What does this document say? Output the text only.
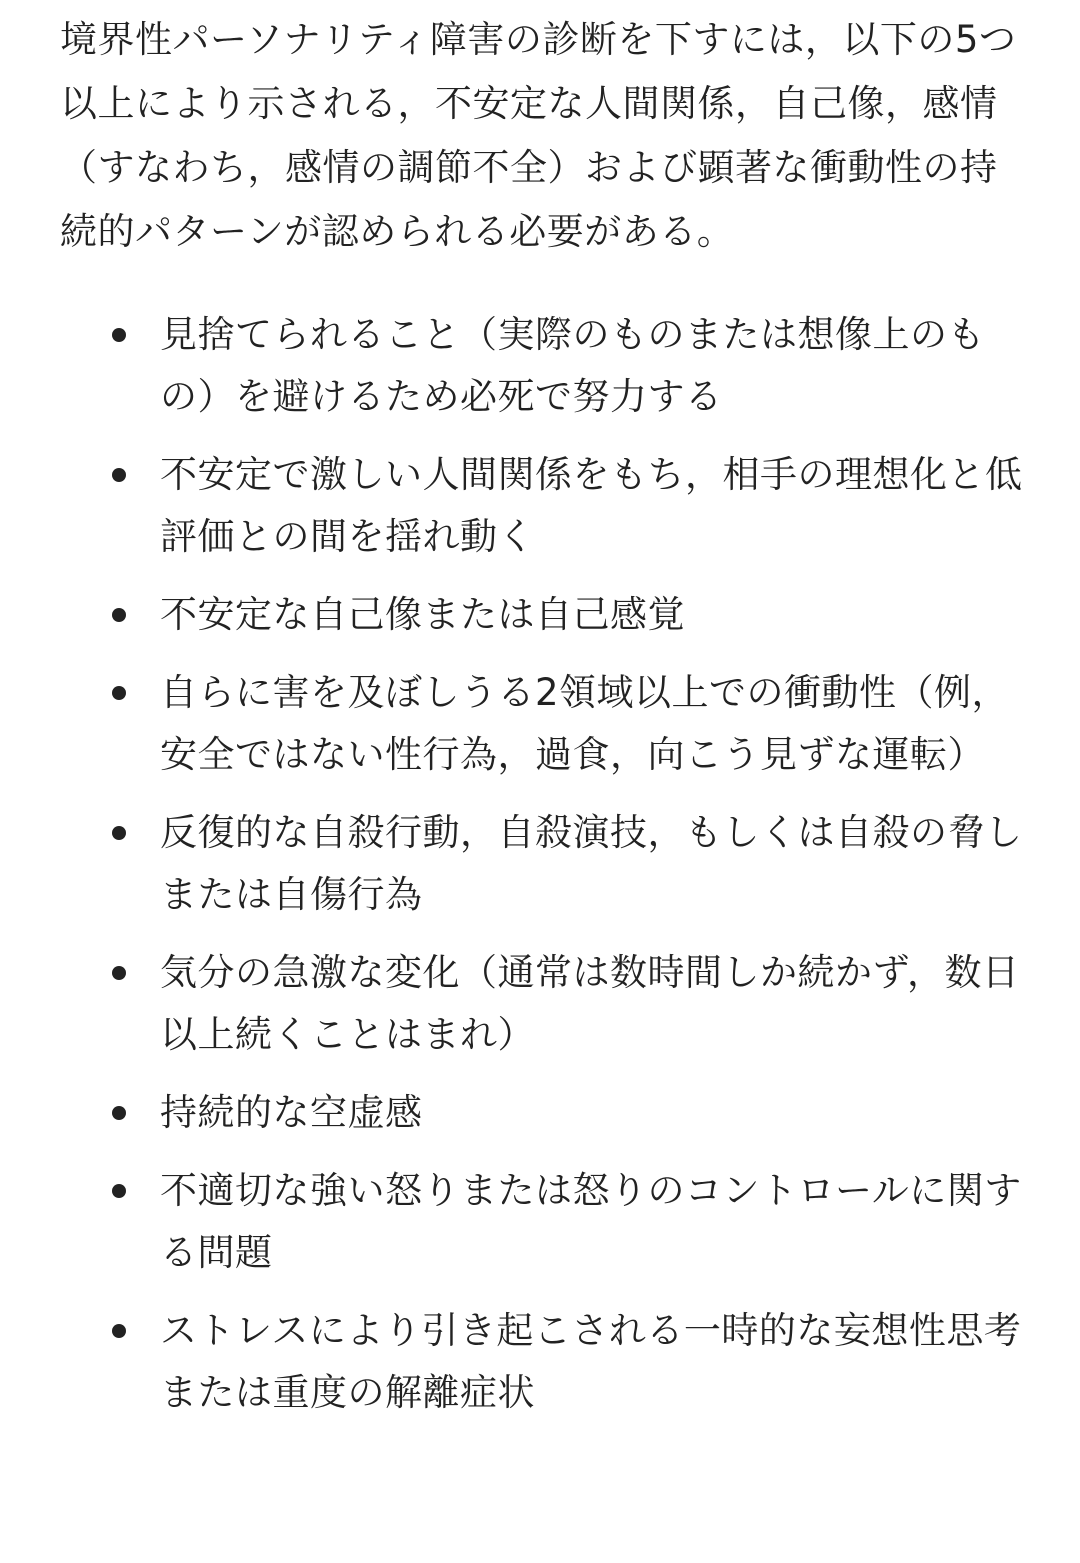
境界性パーソナリティ障害の診断を下すには，以下の5つ以上により示される，不安定な人間関係，自己像，感情（すなわち，感情の調節不全）および顕著な衝動性の持続的パターンが認められる必要がある。

見捨てられること（実際のものまたは想像上のもの）を避けるため必死で努力する
不安定で激しい人間関係をもち，相手の理想化と低評価との間を揺れ動く
不安定な自己像または自己感覚
自らに害を及ぼしうる2領域以上での衝動性（例，安全ではない性行為，過食，向こう見ずな運転）
反復的な自殺行動，自殺演技，もしくは自殺の脅しまたは自傷行為
気分の急激な変化（通常は数時間しか続かず，数日以上続くことはまれ）
持続的な空虚感
不適切な強い怒りまたは怒りのコントロールに関する問題
ストレスにより引き起こされる一時的な妄想性思考または重度の解離症状
